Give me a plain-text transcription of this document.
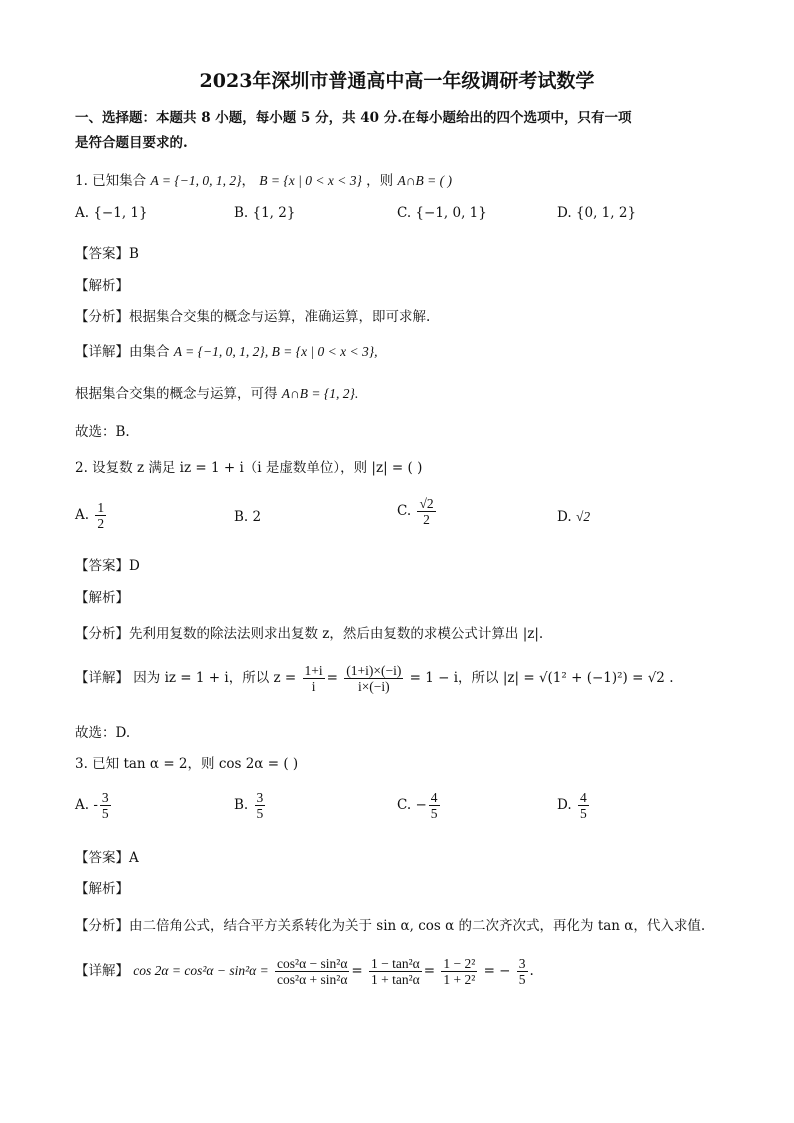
2023年深圳市普通高中高一年级调研考试数学
一、选择题：本题共 8 小题，每小题 5 分，共 40 分.在每小题给出的四个选项中，只有一项
是符合题目要求的.
1. 已知集合 A = {−1, 0, 1, 2}， B = {x | 0 < x < 3} ，则 A∩B = ( )
A. {−1, 1}	B. {1, 2}	C. {−1, 0, 1}	D. {0, 1, 2}
【答案】B
【解析】
【分析】根据集合交集的概念与运算，准确运算，即可求解.
【详解】由集合 A = {−1, 0, 1, 2}, B = {x | 0 < x < 3},
根据集合交集的概念与运算，可得 A∩B = {1, 2}.
故选：B.
2. 设复数 z 满足 iz = 1 + i（i 是虚数单位），则 |z| = ( )
A. $\frac{1}{2}$	B. 2	C. $\frac{√2}{2}$	D. √2
【答案】D
【解析】
【分析】先利用复数的除法法则求出复数 z，然后由复数的求模公式计算出 |z|.
【详解】 因为 iz = 1 + i，所以 $z = \frac{1+i}{i} = \frac{(1+i)\times(-i)}{i\times(-i)} = 1 - i$，所以 |z| = √(1² + (−1)²) = √2 .
故选：D.
3. 已知 tan α = 2，则 cos 2α = ( )
A. - $\frac{3}{5}$	B. $\frac{3}{5}$	C. − $\frac{4}{5}$	D. $\frac{4}{5}$
【答案】A
【解析】
【分析】由二倍角公式，结合平方关系转化为关于 sin α, cos α 的二次齐次式，再化为 tan α，代入求值.
【详解】 $\cos 2\alpha = \cos^2\alpha - \sin^2\alpha = \frac{\text{cos²α − sin²α}}{\text{cos²α + sin²α}} = \frac{\text{1 − tan²α}}{\text{1 + tan²α}} = \frac{\text{1 − 2²}}{\text{1 + 2²}}$ = − $\frac{3}{5}$ .
